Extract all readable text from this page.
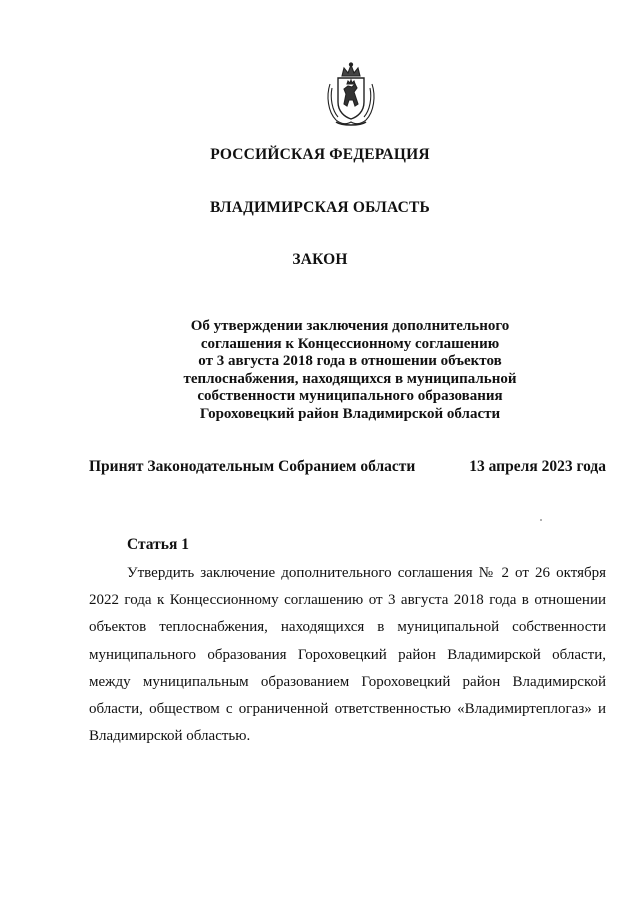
РОССИЙСКАЯ ФЕДЕРАЦИЯ
ВЛАДИМИРСКАЯ ОБЛАСТЬ
ЗАКОН
Об утверждении заключения дополнительного
соглашения к Концессионному соглашению
от 3 августа 2018 года в отношении объектов
теплоснабжения, находящихся в муниципальной
собственности муниципального образования
Гороховецкий район Владимирской области
Принят Законодательным Собранием области	13 апреля 2023 года
Статья 1
Утвердить заключение дополнительного соглашения № 2 от 26 октября 2022 года к Концессионному соглашению от 3 августа 2018 года в отношении объектов теплоснабжения, находящихся в муниципальной собственности муниципального образования Гороховецкий район Владимирской области, между муниципальным образованием Гороховецкий район Владимирской области, обществом с ограниченной ответственностью «Владимиртеплогаз» и Владимирской областью.
